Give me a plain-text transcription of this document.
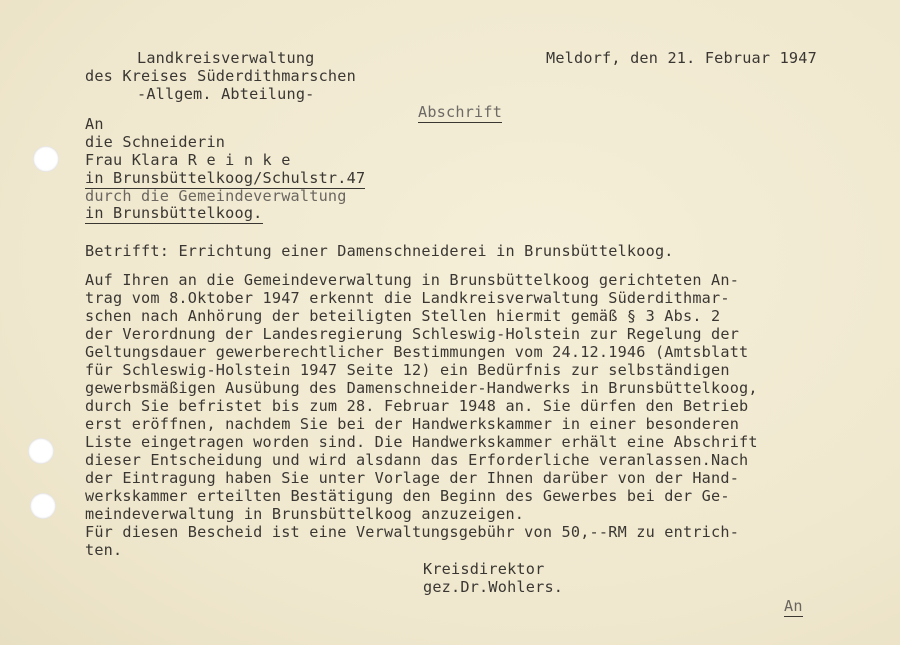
Landkreisverwaltung
des Kreises Süderdithmarschen
-Allgem. Abteilung-
Meldorf, den 21. Februar 1947
Abschrift
An
die Schneiderin
Frau Klara R e i n k e
in Brunsbüttelkoog/Schulstr.47
durch die Gemeindeverwaltung
in Brunsbüttelkoog.
Betrifft: Errichtung einer Damenschneiderei in Brunsbüttelkoog.
Auf Ihren an die Gemeindeverwaltung in Brunsbüttelkoog gerichteten An-
trag vom 8.Oktober 1947 erkennt die Landkreisverwaltung Süderdithmar-
schen nach Anhörung der beteiligten Stellen hiermit gemäß § 3 Abs. 2
der Verordnung der Landesregierung Schleswig-Holstein zur Regelung der
Geltungsdauer gewerberechtlicher Bestimmungen vom 24.12.1946 (Amtsblatt
für Schleswig-Holstein 1947 Seite 12) ein Bedürfnis zur selbständigen
gewerbsmäßigen Ausübung des Damenschneider-Handwerks in Brunsbüttelkoog,
durch Sie befristet bis zum 28. Februar 1948 an. Sie dürfen den Betrieb
erst eröffnen, nachdem Sie bei der Handwerkskammer in einer besonderen
Liste eingetragen worden sind. Die Handwerkskammer erhält eine Abschrift
dieser Entscheidung und wird alsdann das Erforderliche veranlassen.Nach
der Eintragung haben Sie unter Vorlage der Ihnen darüber von der Hand-
werkskammer erteilten Bestätigung den Beginn des Gewerbes bei der Ge-
meindeverwaltung in Brunsbüttelkoog anzuzeigen.
Für diesen Bescheid ist eine Verwaltungsgebühr von 50,--RM zu entrich-
ten.
Kreisdirektor
gez.Dr.Wohlers.
An
